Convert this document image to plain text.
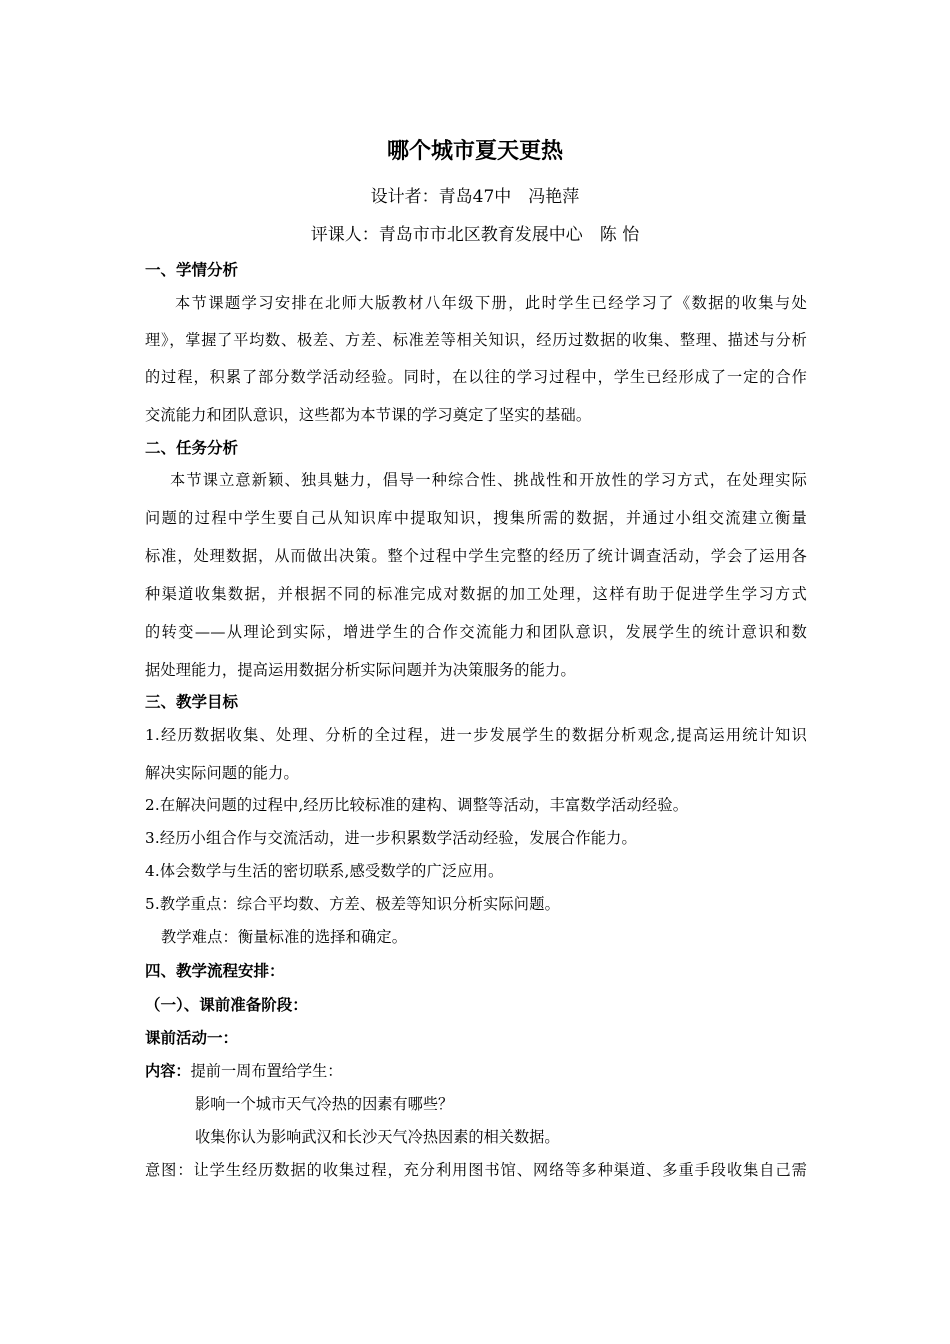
哪个城市夏天更热
设计者：青岛47中　冯艳萍
评课人：青岛市市北区教育发展中心　陈 怡
一、学情分析
本节课题学习安排在北师大版教材八年级下册，此时学生已经学习了《数据的收集与处
理》，掌握了平均数、极差、方差、标准差等相关知识，经历过数据的收集、整理、描述与分析
的过程，积累了部分数学活动经验。同时，在以往的学习过程中，学生已经形成了一定的合作
交流能力和团队意识，这些都为本节课的学习奠定了坚实的基础。
二、任务分析
本节课立意新颖、独具魅力，倡导一种综合性、挑战性和开放性的学习方式，在处理实际
问题的过程中学生要自己从知识库中提取知识，搜集所需的数据，并通过小组交流建立衡量
标准，处理数据，从而做出决策。整个过程中学生完整的经历了统计调查活动，学会了运用各
种渠道收集数据，并根据不同的标准完成对数据的加工处理，这样有助于促进学生学习方式
的转变——从理论到实际，增进学生的合作交流能力和团队意识，发展学生的统计意识和数
据处理能力，提高运用数据分析实际问题并为决策服务的能力。
三、教学目标
1.经历数据收集、处理、分析的全过程，进一步发展学生的数据分析观念,提高运用统计知识
解决实际问题的能力。
2.在解决问题的过程中,经历比较标准的建构、调整等活动，丰富数学活动经验。
3.经历小组合作与交流活动，进一步积累数学活动经验，发展合作能力。
4.体会数学与生活的密切联系,感受数学的广泛应用。
5.教学重点：综合平均数、方差、极差等知识分析实际问题。
教学难点：衡量标准的选择和确定。
四、教学流程安排：
（一）、课前准备阶段：
课前活动一：
内容：提前一周布置给学生：
影响一个城市天气冷热的因素有哪些？
收集你认为影响武汉和长沙天气冷热因素的相关数据。
意图：让学生经历数据的收集过程，充分利用图书馆、网络等多种渠道、多重手段收集自己需
